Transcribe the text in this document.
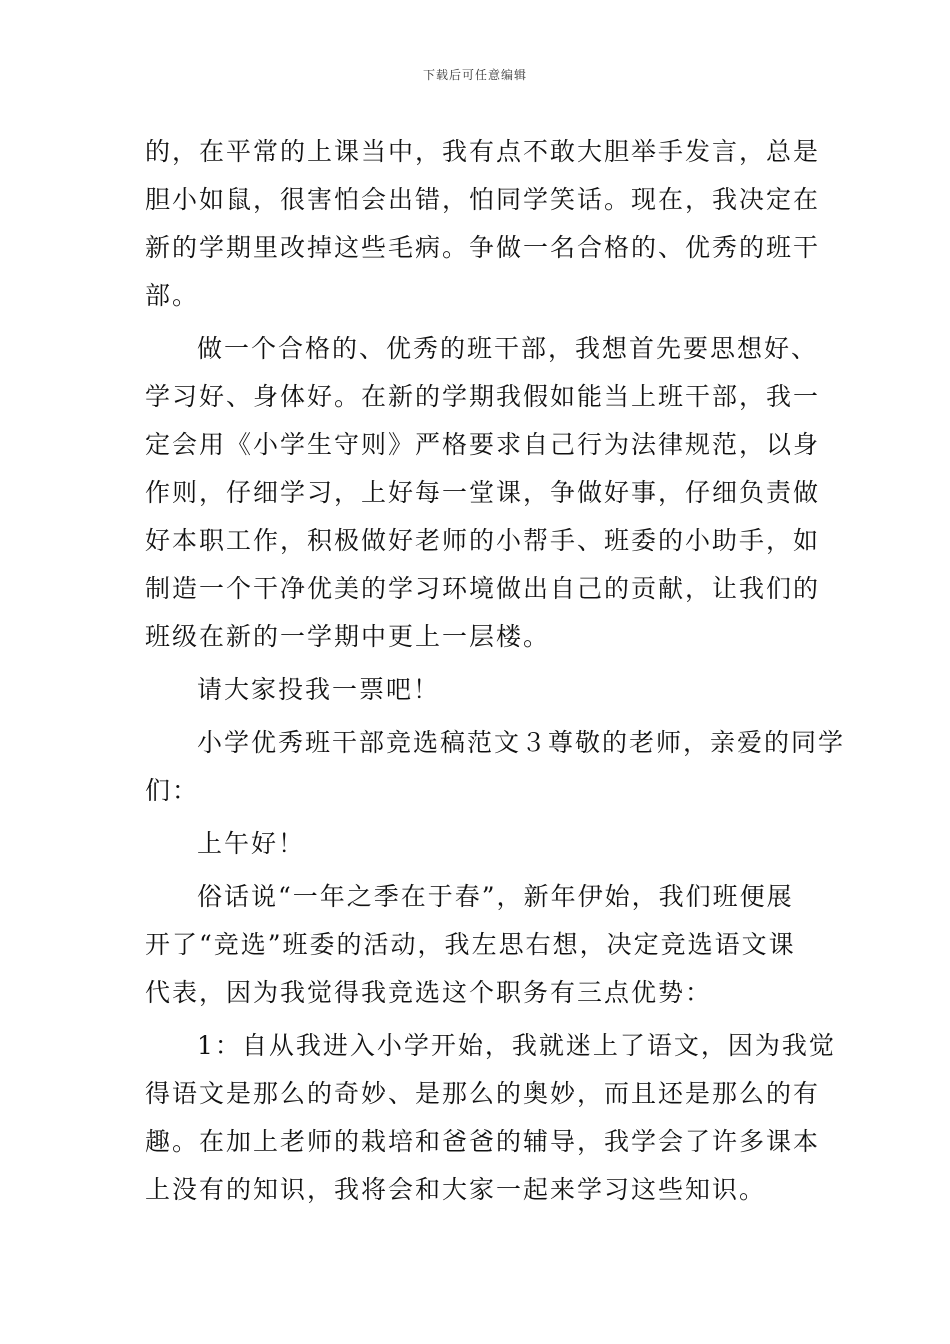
下载后可任意编辑
的，在平常的上课当中，我有点不敢大胆举手发言，总是
胆小如鼠，很害怕会出错，怕同学笑话。现在，我决定在
新的学期里改掉这些毛病。争做一名合格的、优秀的班干
部。
做一个合格的、优秀的班干部，我想首先要思想好、
学习好、身体好。在新的学期我假如能当上班干部，我一
定会用《小学生守则》严格要求自己行为法律规范，以身
作则，仔细学习，上好每一堂课，争做好事，仔细负责做
好本职工作，积极做好老师的小帮手、班委的小助手，如
制造一个干净优美的学习环境做出自己的贡献，让我们的
班级在新的一学期中更上一层楼。
请大家投我一票吧！
小学优秀班干部竞选稿范文３尊敬的老师，亲爱的同学
们：
上午好！
俗话说“一年之季在于春”，新年伊始，我们班便展
开了“竞选”班委的活动，我左思右想，决定竞选语文课
代表，因为我觉得我竞选这个职务有三点优势：
1：自从我进入小学开始，我就迷上了语文，因为我觉
得语文是那么的奇妙、是那么的奥妙，而且还是那么的有
趣。在加上老师的栽培和爸爸的辅导，我学会了许多课本
上没有的知识，我将会和大家一起来学习这些知识。
